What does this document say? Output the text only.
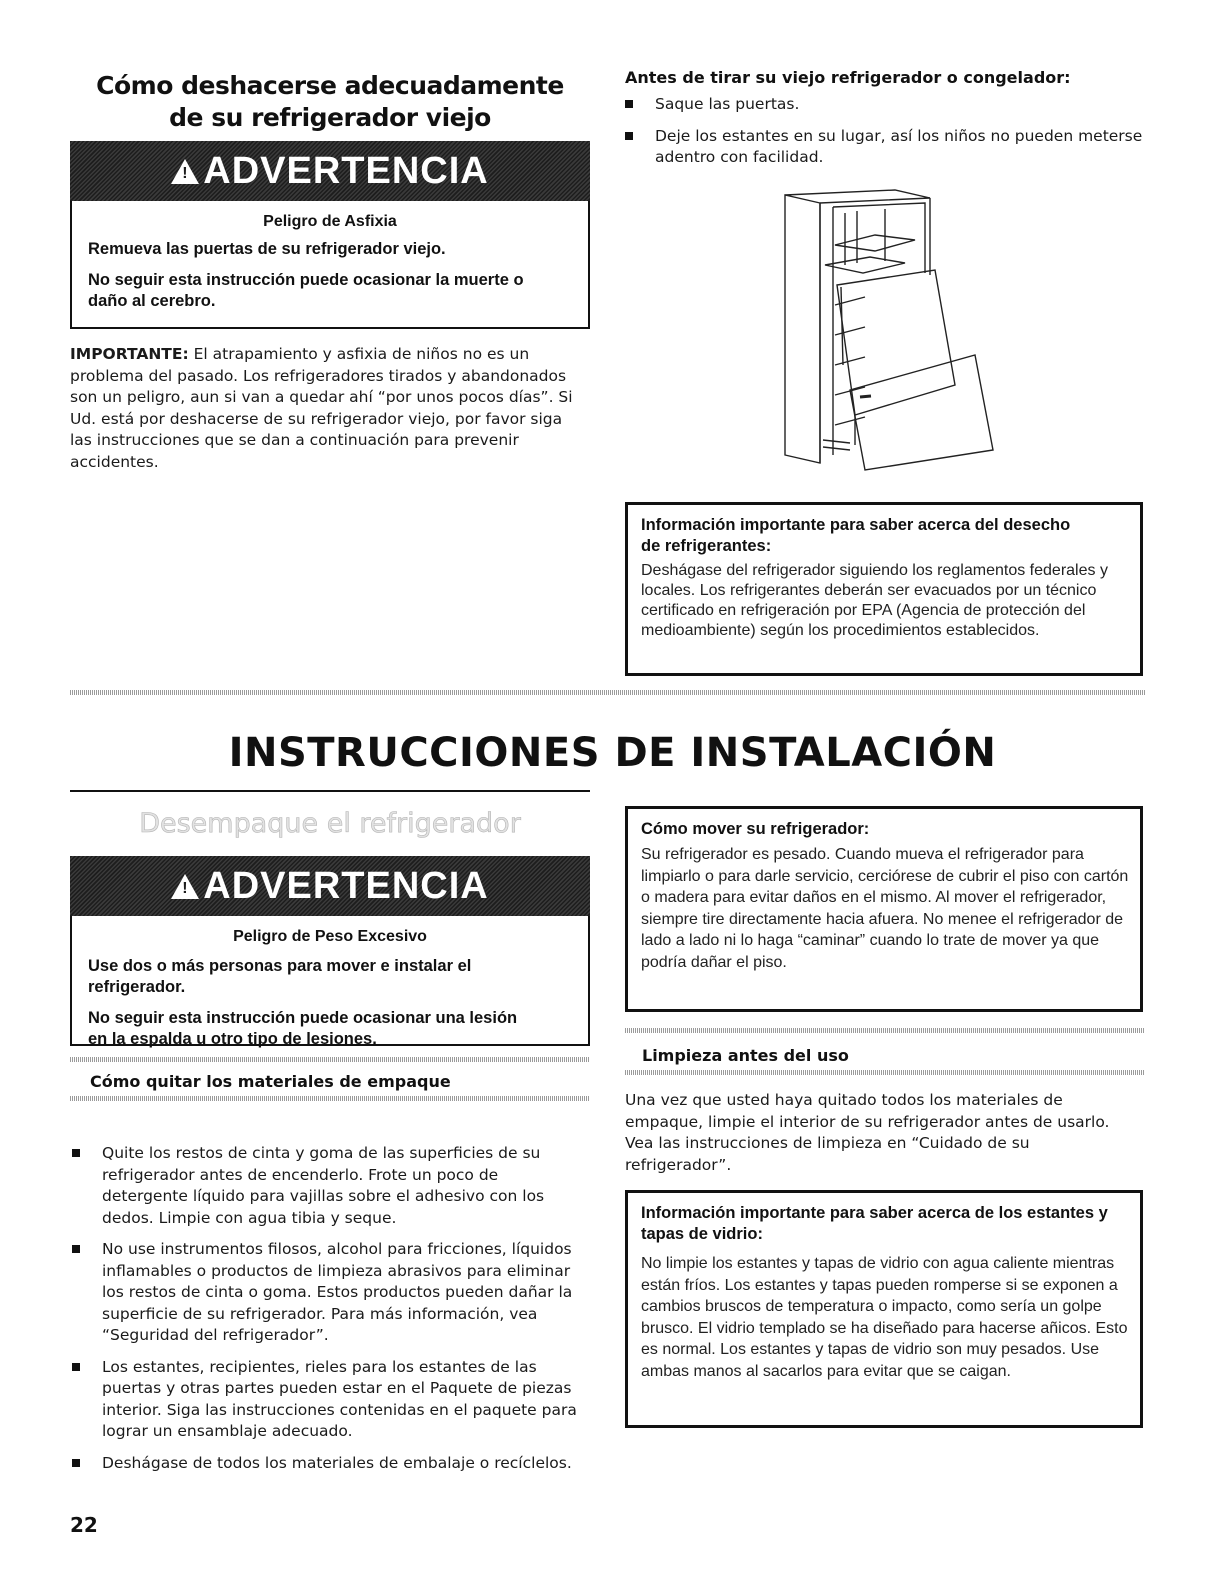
Cómo deshacerse adecuadamente de su refrigerador viejo
! ADVERTENCIA
Peligro de Asfixia
Remueva las puertas de su refrigerador viejo.
No seguir esta instrucción puede ocasionar la muerte o daño al cerebro.
IMPORTANTE: El atrapamiento y asfixia de niños no es un problema del pasado. Los refrigeradores tirados y abandonados son un peligro, aun si van a quedar ahí “por unos pocos días”. Si Ud. está por deshacerse de su refrigerador viejo, por favor siga las instrucciones que se dan a continuación para prevenir accidentes.
Antes de tirar su viejo refrigerador o congelador:
Saque las puertas.
Deje los estantes en su lugar, así los niños no pueden meterse adentro con facilidad.
Información importante para saber acerca del desecho de refrigerantes:
Deshágase del refrigerador siguiendo los reglamentos federales y locales. Los refrigerantes deberán ser evacuados por un técnico certificado en refrigeración por EPA (Agencia de protección del medioambiente) según los procedimientos establecidos.
INSTRUCCIONES DE INSTALACIÓN
Desempaque el refrigerador
! ADVERTENCIA
Peligro de Peso Excesivo
Use dos o más personas para mover e instalar el refrigerador.
No seguir esta instrucción puede ocasionar una lesión en la espalda u otro tipo de lesiones.
Cómo quitar los materiales de empaque
Quite los restos de cinta y goma de las superficies de su refrigerador antes de encenderlo. Frote un poco de detergente líquido para vajillas sobre el adhesivo con los dedos. Limpie con agua tibia y seque.
No use instrumentos filosos, alcohol para fricciones, líquidos inflamables o productos de limpieza abrasivos para eliminar los restos de cinta o goma. Estos productos pueden dañar la superficie de su refrigerador. Para más información, vea “Seguridad del refrigerador”.
Los estantes, recipientes, rieles para los estantes de las puertas y otras partes pueden estar en el Paquete de piezas interior. Siga las instrucciones contenidas en el paquete para lograr un ensamblaje adecuado.
Deshágase de todos los materiales de embalaje o recíclelos.
22
Cómo mover su refrigerador:
Su refrigerador es pesado. Cuando mueva el refrigerador para limpiarlo o para darle servicio, cerciórese de cubrir el piso con cartón o madera para evitar daños en el mismo. Al mover el refrigerador, siempre tire directamente hacia afuera. No menee el refrigerador de lado a lado ni lo haga “caminar” cuando lo trate de mover ya que podría dañar el piso.
Limpieza antes del uso
Una vez que usted haya quitado todos los materiales de empaque, limpie el interior de su refrigerador antes de usarlo. Vea las instrucciones de limpieza en “Cuidado de su refrigerador”.
Información importante para saber acerca de los estantes y tapas de vidrio:
No limpie los estantes y tapas de vidrio con agua caliente mientras están fríos. Los estantes y tapas pueden romperse si se exponen a cambios bruscos de temperatura o impacto, como sería un golpe brusco. El vidrio templado se ha diseñado para hacerse añicos. Esto es normal. Los estantes y tapas de vidrio son muy pesados. Use ambas manos al sacarlos para evitar que se caigan.
